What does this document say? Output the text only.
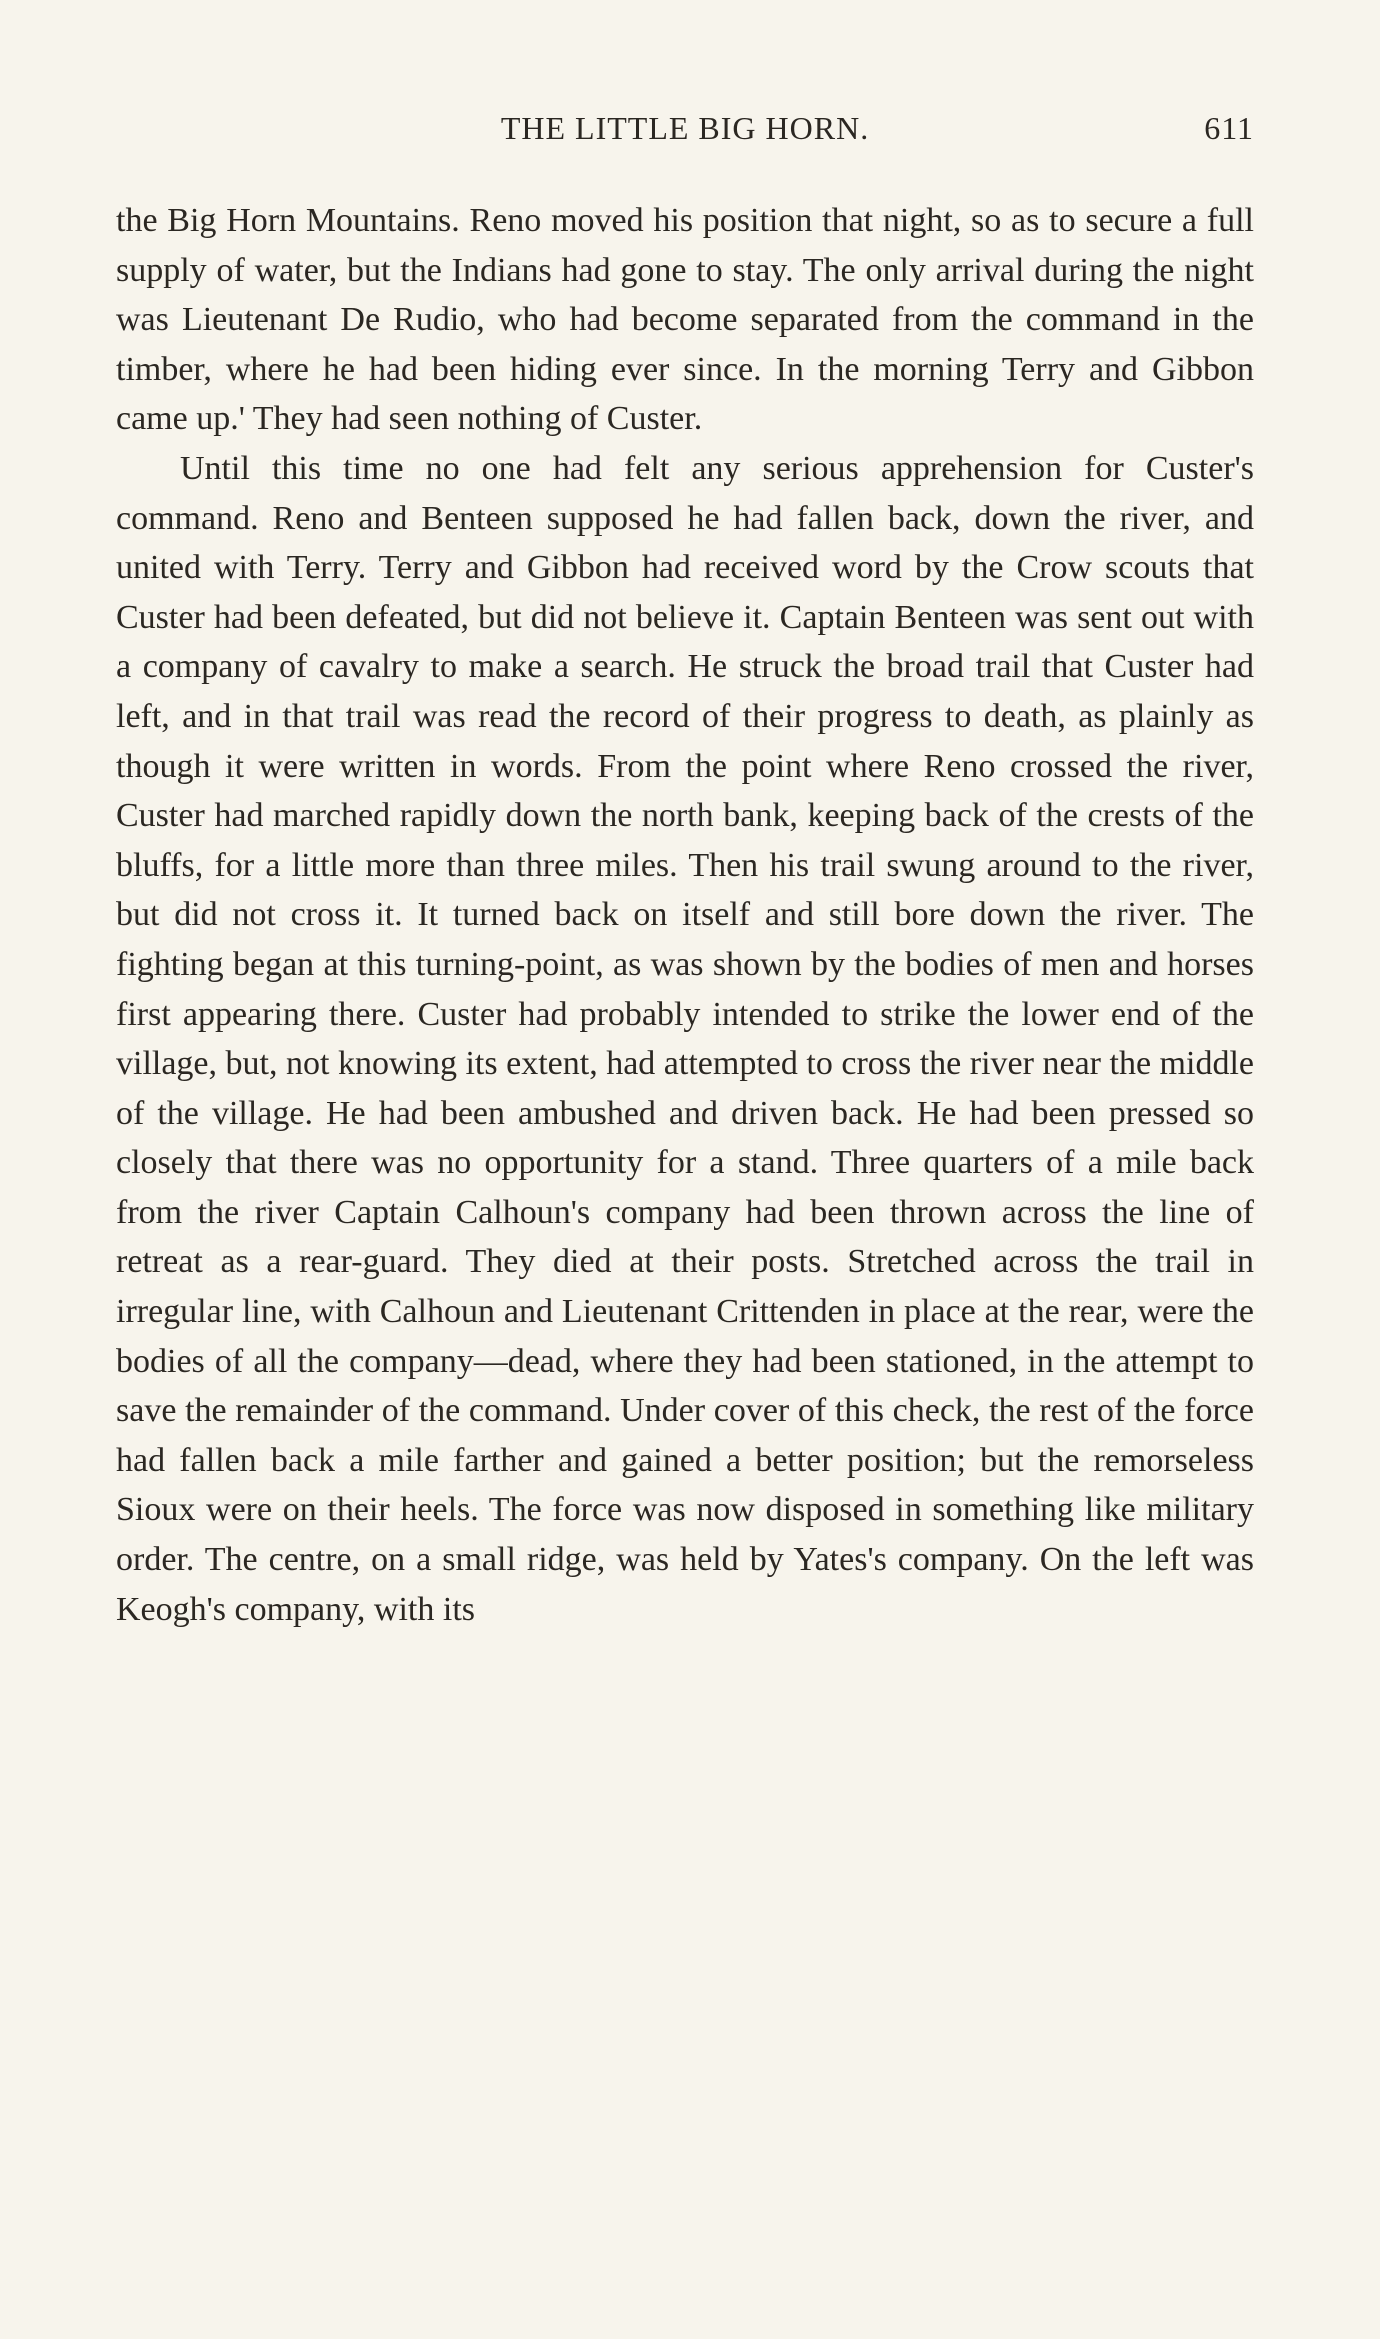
THE LITTLE BIG HORN.	611

the Big Horn Mountains. Reno moved his position that night, so as to secure a full supply of water, but the Indians had gone to stay. The only arrival during the night was Lieutenant De Rudio, who had become separated from the command in the timber, where he had been hiding ever since. In the morning Terry and Gibbon came up.' They had seen nothing of Custer.

Until this time no one had felt any serious apprehension for Custer's command. Reno and Benteen supposed he had fallen back, down the river, and united with Terry. Terry and Gibbon had received word by the Crow scouts that Custer had been defeated, but did not believe it. Captain Benteen was sent out with a company of cavalry to make a search. He struck the broad trail that Custer had left, and in that trail was read the record of their progress to death, as plainly as though it were written in words. From the point where Reno crossed the river, Custer had marched rapidly down the north bank, keeping back of the crests of the bluffs, for a little more than three miles. Then his trail swung around to the river, but did not cross it. It turned back on itself and still bore down the river. The fighting began at this turning-point, as was shown by the bodies of men and horses first appearing there. Custer had probably intended to strike the lower end of the village, but, not knowing its extent, had attempted to cross the river near the middle of the village. He had been ambushed and driven back. He had been pressed so closely that there was no opportunity for a stand. Three quarters of a mile back from the river Captain Calhoun's company had been thrown across the line of retreat as a rear-guard. They died at their posts. Stretched across the trail in irregular line, with Calhoun and Lieutenant Crittenden in place at the rear, were the bodies of all the company—dead, where they had been stationed, in the attempt to save the remainder of the command. Under cover of this check, the rest of the force had fallen back a mile farther and gained a better position; but the remorseless Sioux were on their heels. The force was now disposed in something like military order. The centre, on a small ridge, was held by Yates's company. On the left was Keogh's company, with its
